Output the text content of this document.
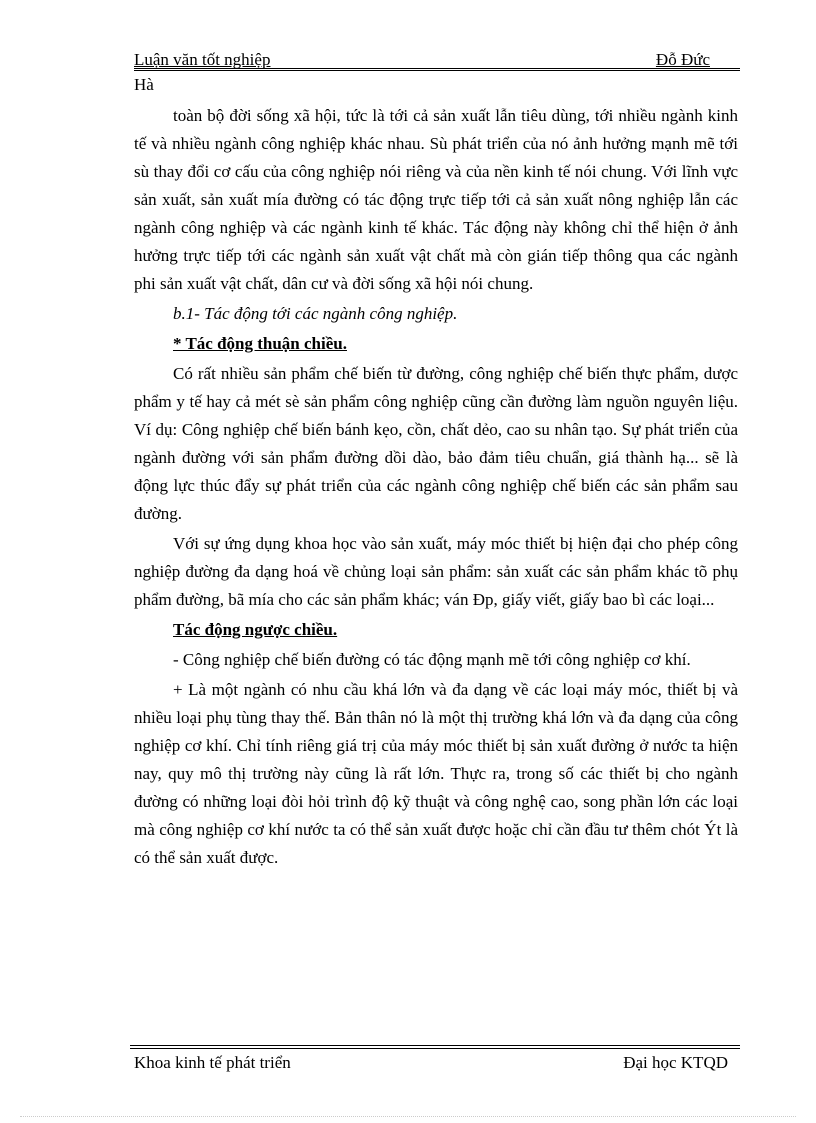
Luận văn tốt nghiệp	Đỗ Đức
Hà

toàn bộ đời sống xã hội, tức là tới cả sản xuất lẫn tiêu dùng, tới nhiều ngành kinh tế và nhiều ngành công nghiệp khác nhau. Sù phát triển của nó ảnh hưởng mạnh mẽ tới sù thay đổi cơ cấu của công nghiệp nói riêng và của nền kinh tế nói chung. Với lĩnh vực sản xuất, sản xuất mía đường có tác động trực tiếp tới cả sản xuất nông nghiệp lẫn các ngành công nghiệp và các ngành kinh tế khác. Tác động này không chỉ thể hiện ở ảnh hưởng trực tiếp tới các ngành sản xuất vật chất mà còn gián tiếp thông qua các ngành phi sản xuất vật chất, dân cư và đời sống xã hội nói chung.

b.1- Tác động tới các ngành công nghiệp.

* Tác động thuận chiều.

Có rất nhiều sản phẩm chế biến từ đường, công nghiệp chế biến thực phẩm, dược phẩm y tế hay cả mét sè sản phẩm công nghiệp cũng cần đường làm nguồn nguyên liệu. Ví dụ: Công nghiệp chế biến bánh kẹo, cồn, chất dẻo, cao su nhân tạo. Sự phát triển của ngành đường với sản phẩm đường dồi dào, bảo đảm tiêu chuẩn, giá thành hạ... sẽ là động lực thúc đẩy sự phát triển của các ngành công nghiệp chế biến các sản phẩm sau đường.

Với sự ứng dụng khoa học vào sản xuất, máy móc thiết bị hiện đại cho phép công nghiệp đường đa dạng hoá về chủng loại sản phẩm: sản xuất các sản phẩm khác tõ phụ phẩm đường, bã mía cho các sản phẩm khác; ván Ðp, giấy viết, giấy bao bì các loại...

Tác động ngược chiều.

- Công nghiệp chế biến đường có tác động mạnh mẽ tới công nghiệp cơ khí.

+ Là một ngành có nhu cầu khá lớn và đa dạng về các loại máy móc, thiết bị và nhiều loại phụ tùng thay thế. Bản thân nó là một thị trường khá lớn và đa dạng của công nghiệp cơ khí. Chỉ tính riêng giá trị của máy móc thiết bị sản xuất đường ở nước ta hiện nay, quy mô thị trường này cũng là rất lớn. Thực ra, trong số các thiết bị cho ngành đường có những loại đòi hỏi trình độ kỹ thuật và công nghệ cao, song phần lớn các loại mà công nghiệp cơ khí nước ta có thể sản xuất được hoặc chỉ cần đầu tư thêm chót Ýt là có thể sản xuất được.

Khoa kinh tế phát triển	Đại học KTQD
